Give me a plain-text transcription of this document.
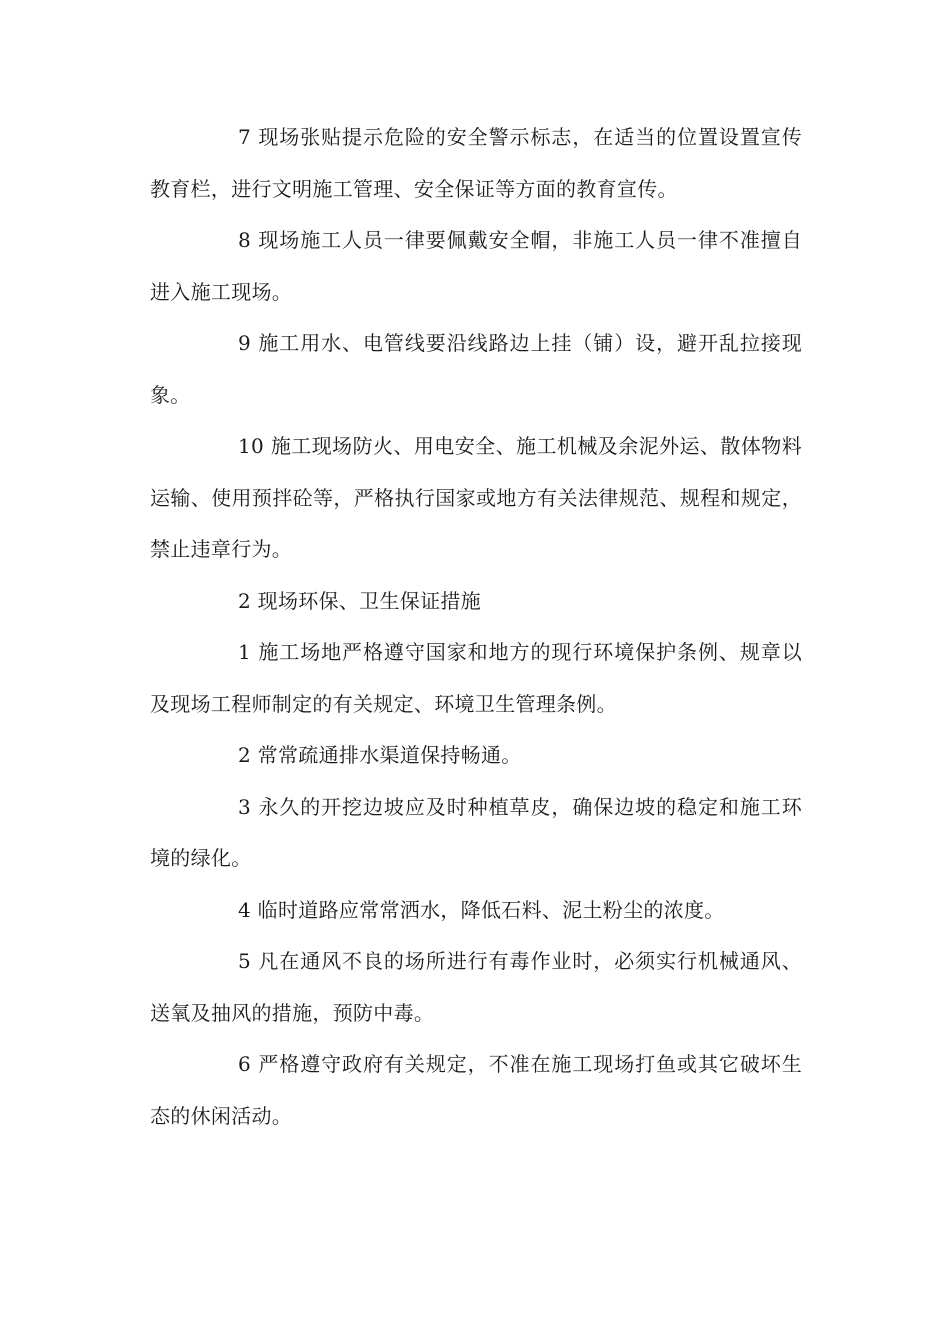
7 现场张贴提示危险的安全警示标志，在适当的位置设置宣传教育栏，进行文明施工管理、安全保证等方面的教育宣传。

8 现场施工人员一律要佩戴安全帽，非施工人员一律不准擅自进入施工现场。

9 施工用水、电管线要沿线路边上挂（铺）设，避开乱拉接现象。

10 施工现场防火、用电安全、施工机械及余泥外运、散体物料运输、使用预拌砼等，严格执行国家或地方有关法律规范、规程和规定，禁止违章行为。

2 现场环保、卫生保证措施

1 施工场地严格遵守国家和地方的现行环境保护条例、规章以及现场工程师制定的有关规定、环境卫生管理条例。

2 常常疏通排水渠道保持畅通。

3 永久的开挖边坡应及时种植草皮，确保边坡的稳定和施工环境的绿化。

4 临时道路应常常洒水，降低石料、泥土粉尘的浓度。

5 凡在通风不良的场所进行有毒作业时，必须实行机械通风、送氧及抽风的措施，预防中毒。

6 严格遵守政府有关规定，不准在施工现场打鱼或其它破坏生态的休闲活动。
